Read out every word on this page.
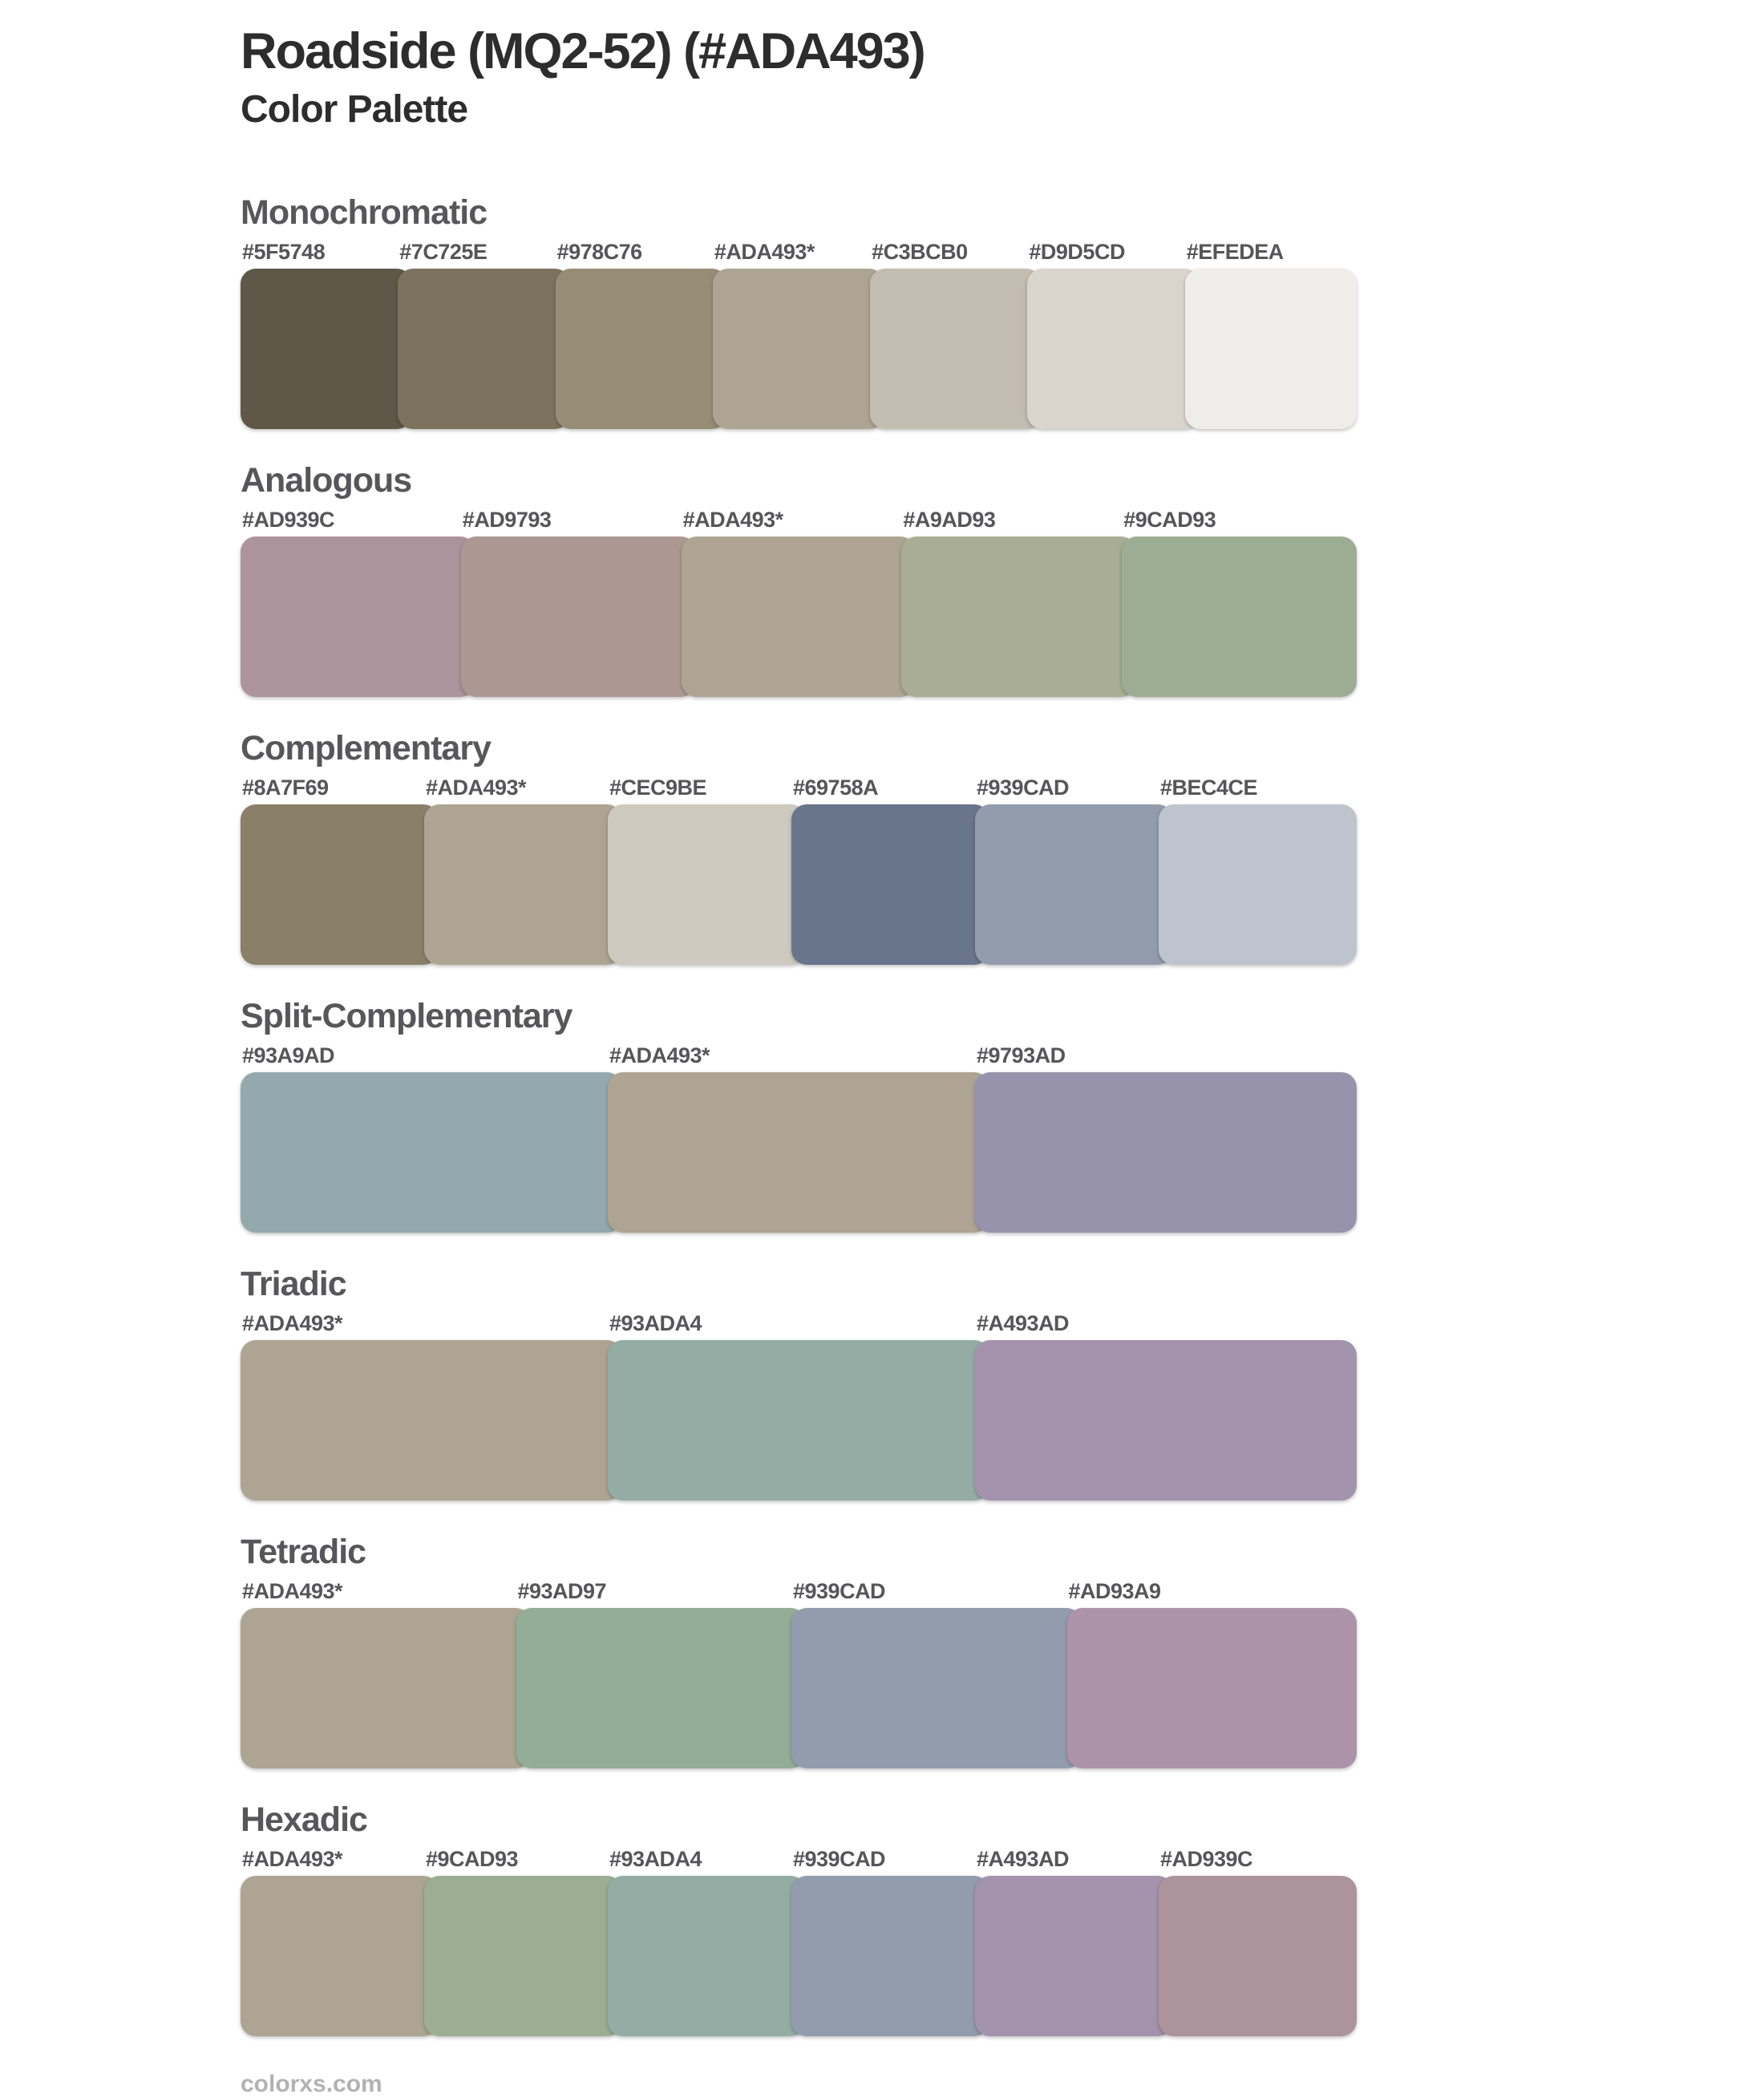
Roadside (MQ2-52) (#ADA493)
Color Palette
Monochromatic
#5F5748	#7C725E	#978C76	#ADA493*	#C3BCB0	#D9D5CD	#EFEDEA
Analogous
#AD939C	#AD9793	#ADA493*	#A9AD93	#9CAD93
Complementary
#8A7F69	#ADA493*	#CEC9BE	#69758A	#939CAD	#BEC4CE
Split-Complementary
#93A9AD	#ADA493*	#9793AD
Triadic
#ADA493*	#93ADA4	#A493AD
Tetradic
#ADA493*	#93AD97	#939CAD	#AD93A9
Hexadic
#ADA493*	#9CAD93	#93ADA4	#939CAD	#A493AD	#AD939C
colorxs.com
